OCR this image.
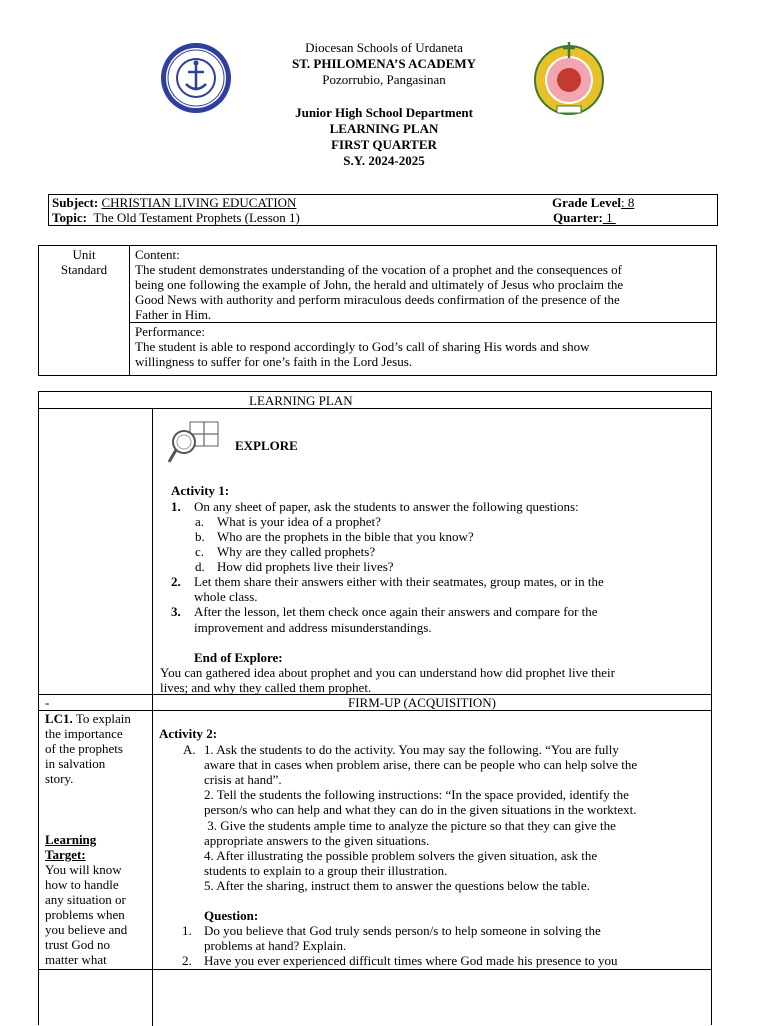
Diocesan Schools of Urdaneta
ST. PHILOMENA’S ACADEMY
Pozorrubio, Pangasinan
Junior High School Department
LEARNING PLAN
FIRST QUARTER
S.Y. 2024-2025
Subject: CHRISTIAN LIVING EDUCATION
Topic: The Old Testament Prophets (Lesson 1)
Grade Level: 8
Quarter: 1
Unit
Standard
Content:
The student demonstrates understanding of the vocation of a prophet and the consequences of
being one following the example of John, the herald and ultimately of Jesus who proclaim the
Good News with authority and perform miraculous deeds confirmation of the presence of the
Father in Him.
Performance:
The student is able to respond accordingly to God’s call of sharing His words and show
willingness to suffer for one’s faith in the Lord Jesus.
LEARNING PLAN
EXPLORE
Activity 1:
1. On any sheet of paper, ask the students to answer the following questions:
a. What is your idea of a prophet?
b. Who are the prophets in the bible that you know?
c. Why are they called prophets?
d. How did prophets live their lives?
2. Let them share their answers either with their seatmates, group mates, or in the
whole class.
3. After the lesson, let them check once again their answers and compare for the
improvement and address misunderstandings.
End of Explore:
You can gathered idea about prophet and you can understand how did prophet live their
lives; and why they called them prophet.
-	FIRM-UP (ACQUISITION)
LC1. To explain
the importance
of the prophets
in salvation
story.
Learning
Target:
You will know
how to handle
any situation or
problems when
you believe and
trust God no
matter what
Activity 2:
A. 1. Ask the students to do the activity. You may say the following. “You are fully
aware that in cases when problem arise, there can be people who can help solve the
crisis at hand”.
2. Tell the students the following instructions: “In the space provided, identify the
person/s who can help and what they can do in the given situations in the worktext.
3. Give the students ample time to analyze the picture so that they can give the
appropriate answers to the given situations.
4. After illustrating the possible problem solvers the given situation, ask the
students to explain to a group their illustration.
5. After the sharing, instruct them to answer the questions below the table.
Question:
1. Do you believe that God truly sends person/s to help someone in solving the
problems at hand? Explain.
2. Have you ever experienced difficult times where God made his presence to you
